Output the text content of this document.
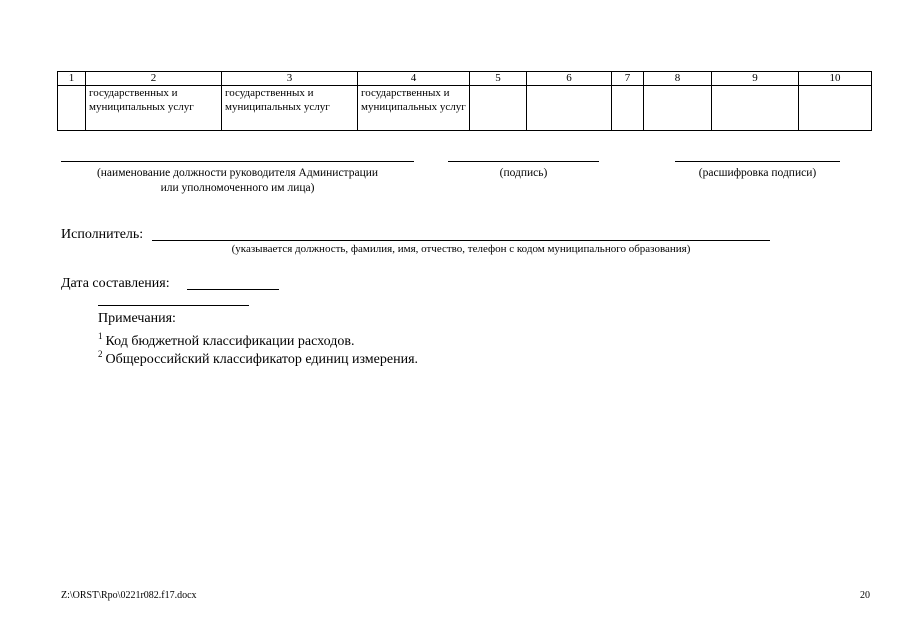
1	2	3	4	5	6	7	8	9	10
	государственных и муниципальных услуг	государственных и муниципальных услуг	государственных и муниципальных услуг						
(наименование должности руководителя Администрации
или уполномоченного им лица)
(подпись)	(расшифровка подписи)
Исполнитель:
(указывается должность, фамилия, имя, отчество, телефон с кодом муниципального образования)
Дата составления:
Примечания:
$^1$ Код бюджетной классификации расходов.
$^2$ Общероссийский классификатор единиц измерения.
Z:\ORST\Rpo\0221r082.f17.docx	20
